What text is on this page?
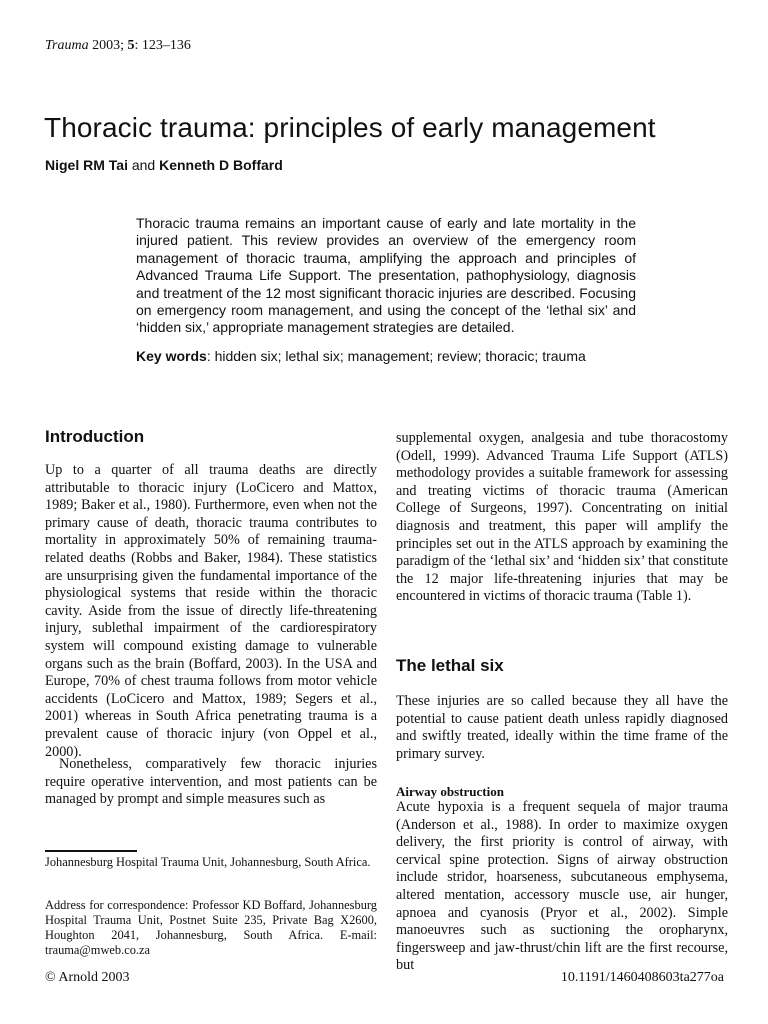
Trauma 2003; 5: 123–136
Thoracic trauma: principles of early management
Nigel RM Tai and Kenneth D Boffard

Thoracic trauma remains an important cause of early and late mortality in the injured patient. This review provides an overview of the emergency room management of thoracic trauma, amplifying the approach and principles of Advanced Trauma Life Support. The presentation, pathophysiology, diagnosis and treatment of the 12 most significant thoracic injuries are described. Focusing on emergency room management, and using the concept of the ‘lethal six’ and ‘hidden six,’ appropriate management strategies are detailed.

Key words: hidden six; lethal six; management; review; thoracic; trauma
Introduction

Up to a quarter of all trauma deaths are directly attributable to thoracic injury (LoCicero and Mattox, 1989; Baker et al., 1980). Furthermore, even when not the primary cause of death, thoracic trauma contributes to mortality in approximately 50% of remaining trauma-related deaths (Robbs and Baker, 1984). These statistics are unsurprising given the fundamental importance of the physiological systems that reside within the thoracic cavity. Aside from the issue of directly life-threatening injury, sublethal impairment of the cardiorespiratory system will compound existing damage to vulnerable organs such as the brain (Boffard, 2003). In the USA and Europe, 70% of chest trauma follows from motor vehicle accidents (LoCicero and Mattox, 1989; Segers et al., 2001) whereas in South Africa penetrating trauma is a prevalent cause of thoracic injury (von Oppel et al., 2000).

Nonetheless, comparatively few thoracic injuries require operative intervention, and most patients can be managed by prompt and simple measures such as

Johannesburg Hospital Trauma Unit, Johannesburg, South Africa.

Address for correspondence: Professor KD Boffard, Johannesburg Hospital Trauma Unit, Postnet Suite 235, Private Bag X2600, Houghton 2041, Johannesburg, South Africa. E-mail: trauma@mweb.co.za

supplemental oxygen, analgesia and tube thoracostomy (Odell, 1999). Advanced Trauma Life Support (ATLS) methodology provides a suitable framework for assessing and treating victims of thoracic trauma (American College of Surgeons, 1997). Concentrating on initial diagnosis and treatment, this paper will amplify the principles set out in the ATLS approach by examining the paradigm of the ‘lethal six’ and ‘hidden six’ that constitute the 12 major life-threatening injuries that may be encountered in victims of thoracic trauma (Table 1).

The lethal six

These injuries are so called because they all have the potential to cause patient death unless rapidly diagnosed and swiftly treated, ideally within the time frame of the primary survey.

Airway obstruction

Acute hypoxia is a frequent sequela of major trauma (Anderson et al., 1988). In order to maximize oxygen delivery, the first priority is control of airway, with cervical spine protection. Signs of airway obstruction include stridor, hoarseness, subcutaneous emphysema, altered mentation, accessory muscle use, air hunger, apnoea and cyanosis (Pryor et al., 2002). Simple manoeuvres such as suctioning the oropharynx, fingersweep and jaw-thrust/chin lift are the first recourse, but

© Arnold 2003	10.1191/1460408603ta277oa
